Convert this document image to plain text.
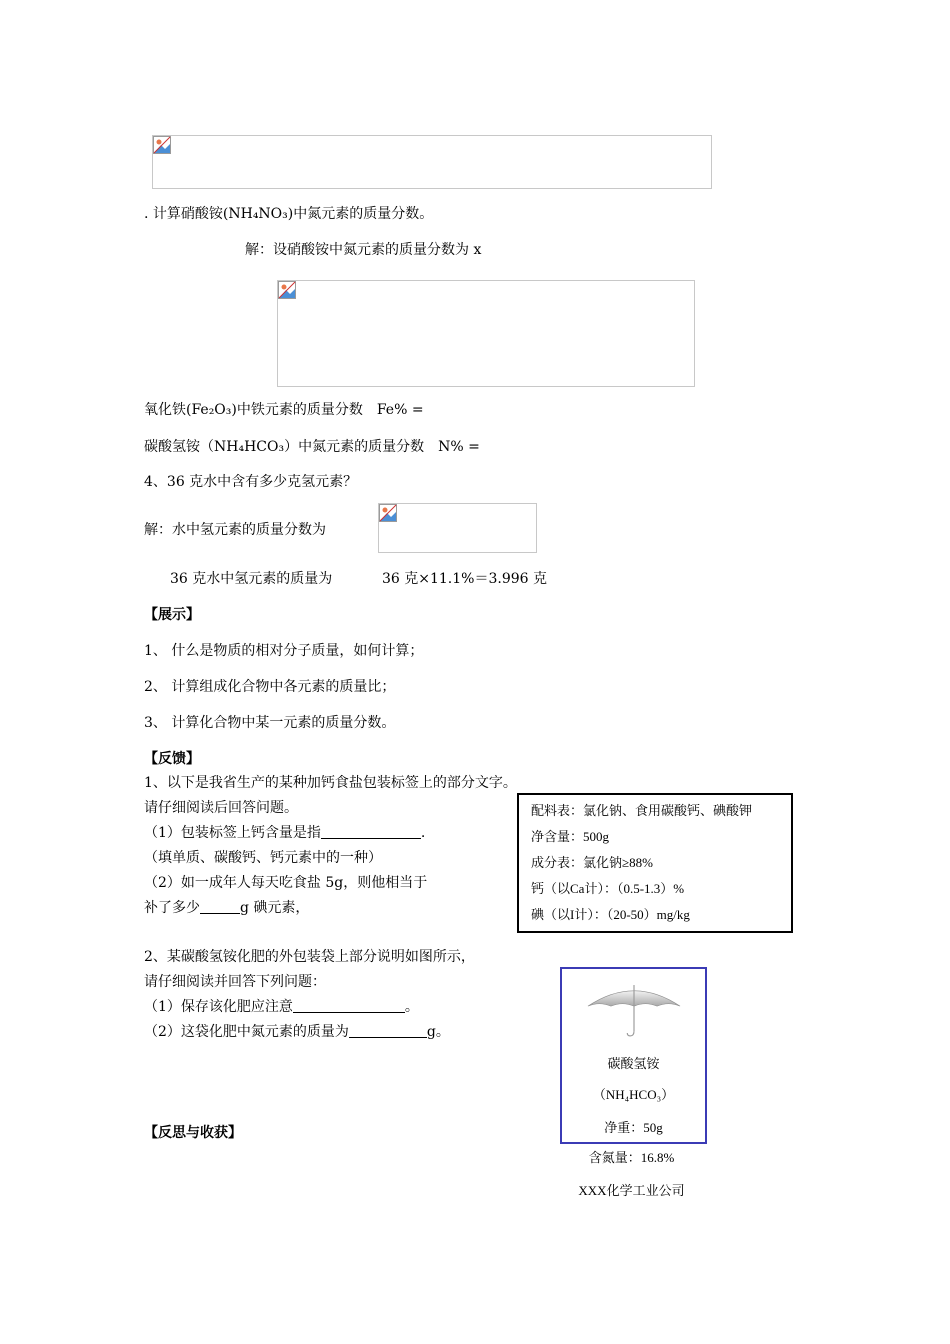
. 计算硝酸铵(NH₄NO₃)中氮元素的质量分数。
解：设硝酸铵中氮元素的质量分数为 x
氧化铁(Fe₂O₃)中铁元素的质量分数　Fe% =
碳酸氢铵（NH₄HCO₃）中氮元素的质量分数　N% =
4、36 克水中含有多少克氢元素？
解：水中氢元素的质量分数为
36 克水中氢元素的质量为	36 克×11.1%＝3.996 克
【展示】
1、 什么是物质的相对分子质量，如何计算；
2、 计算组成化合物中各元素的质量比；
3、 计算化合物中某一元素的质量分数。
【反馈】
1、以下是我省生产的某种加钙食盐包装标签上的部分文字。
请仔细阅读后回答问题。
（1）包装标签上钙含量是指	.
（填单质、碳酸钙、钙元素中的一种）
（2）如一成年人每天吃食盐 5g，则他相当于
补了多少	g 碘元素，
配料表：氯化钠、食用碳酸钙、碘酸钾
净含量：500g
成分表：氯化钠≥88%
钙（以Ca计）：（0.5-1.3）%
碘（以I计）：（20-50）mg/kg
2、某碳酸氢铵化肥的外包装袋上部分说明如图所示，
请仔细阅读并回答下列问题：
（1）保存该化肥应注意	。
（2）这袋化肥中氮元素的质量为	g。
碳酸氢铵
（NH₄HCO₃）
净重：50g
含氮量：16.8%
XXX化学工业公司
【反思与收获】
